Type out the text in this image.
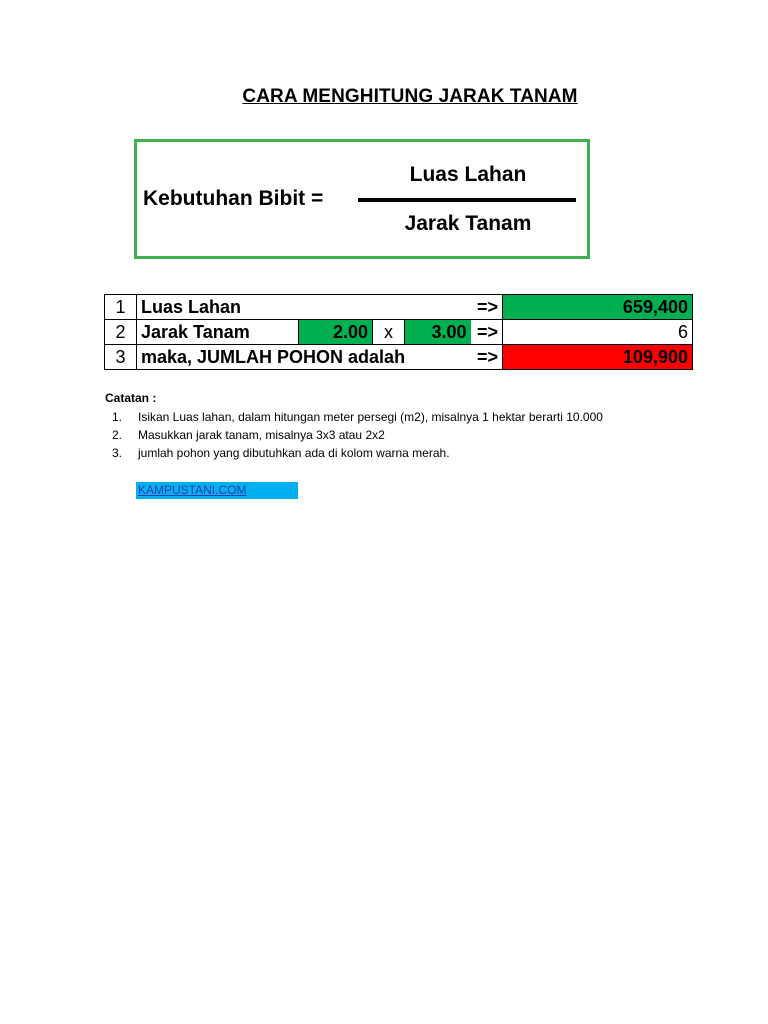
CARA MENGHITUNG JARAK TANAM
Kebutuhan Bibit =
Luas Lahan
Jarak Tanam
1	Luas Lahan				=>	659,400
2	Jarak Tanam	2.00	x	3.00	=>	6
3	maka, JUMLAH POHON adalah				=>	109,900
Catatan :
1.	Isikan Luas lahan, dalam hitungan meter persegi (m2), misalnya 1 hektar berarti 10.000
2.	Masukkan jarak tanam, misalnya 3x3 atau 2x2
3.	jumlah pohon yang dibutuhkan ada di kolom warna merah.
KAMPUSTANI.COM
